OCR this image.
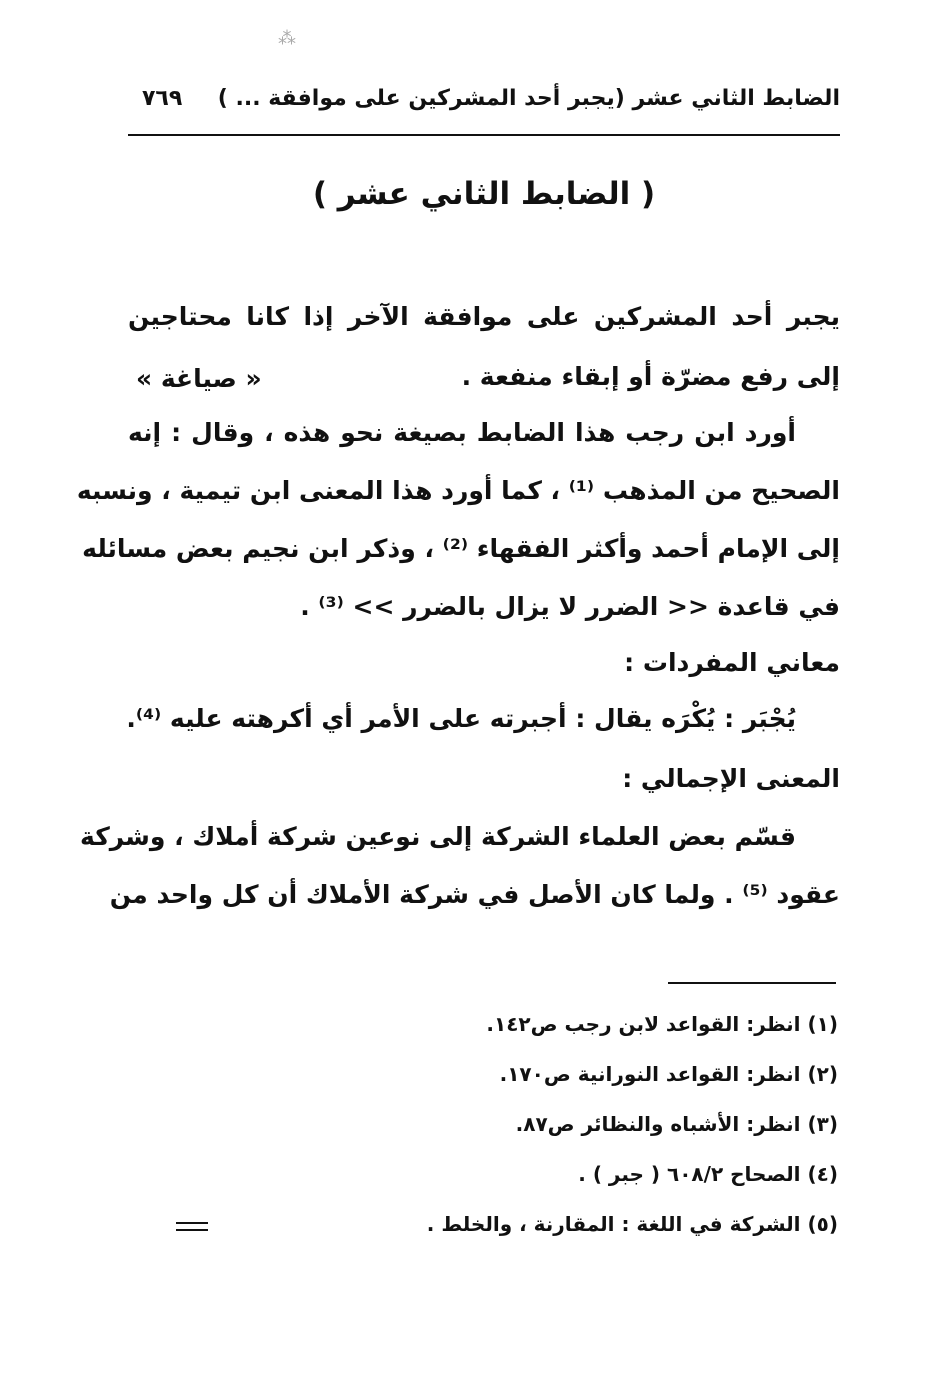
⁂
الضابط الثاني عشر (يجبر أحد المشركين على موافقة ... )
٧٦٩
( الضابط الثاني عشر )
يجبر أحد المشركين على موافقة الآخر إذا كانا محتاجين
إلى رفع مضرّة أو إبقاء منفعة .
« صياغة »
أورد ابن رجب هذا الضابط بصيغة نحو هذه ، وقال : إنه
الصحيح من المذهب ⁽¹⁾ ، كما أورد هذا المعنى ابن تيمية ، ونسبه
إلى الإمام أحمد وأكثر الفقهاء ⁽²⁾ ، وذكر ابن نجيم بعض مسائله
في قاعدة << الضرر لا يزال بالضرر >> ⁽³⁾ .
معاني المفردات :
يُجْبَر : يُكْرَه يقال : أجبرته على الأمر أي أكرهته عليه ⁽⁴⁾.
المعنى الإجمالي :
قسّم بعض العلماء الشركة إلى نوعين شركة أملاك ، وشركة
عقود ⁽⁵⁾ . ولما كان الأصل في شركة الأملاك أن كل واحد من
(١) انظر: القواعد لابن رجب ص١٤٢.
(٢) انظر: القواعد النورانية ص١٧٠.
(٣) انظر: الأشباه والنظائر ص٨٧.
(٤) الصحاح ٦٠٨/٢ ( جبر ) .
(٥) الشركة في اللغة : المقارنة ، والخلط .
